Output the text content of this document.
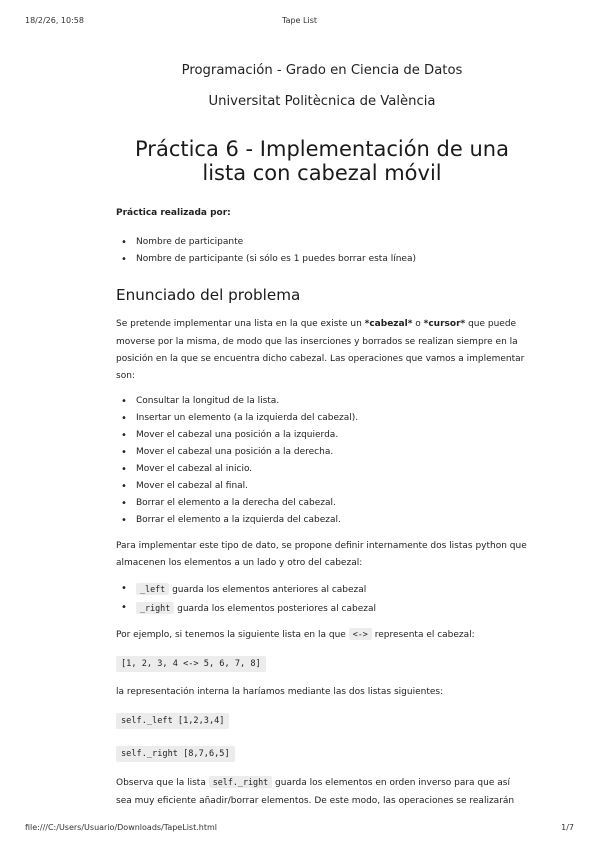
18/2/26, 10:58	Tape List

Programación - Grado en Ciencia de Datos

Universitat Politècnica de València

Práctica 6 - Implementación de una lista con cabezal móvil

Práctica realizada por:

• Nombre de participante
• Nombre de participante (si sólo es 1 puedes borrar esta línea)
Enunciado del problema

Se pretende implementar una lista en la que existe un *cabezal* o *cursor* que puede moverse por la misma, de modo que las inserciones y borrados se realizan siempre en la posición en la que se encuentra dicho cabezal. Las operaciones que vamos a implementar son:

• Consultar la longitud de la lista.
• Insertar un elemento (a la izquierda del cabezal).
• Mover el cabezal una posición a la izquierda.
• Mover el cabezal una posición a la derecha.
• Mover el cabezal al inicio.
• Mover el cabezal al final.
• Borrar el elemento a la derecha del cabezal.
• Borrar el elemento a la izquierda del cabezal.

Para implementar este tipo de dato, se propone definir internamente dos listas python que almacenen los elementos a un lado y otro del cabezal:

• _left guarda los elementos anteriores al cabezal
• _right guarda los elementos posteriores al cabezal

Por ejemplo, si tenemos la siguiente lista en la que <-> representa el cabezal:

[1, 2, 3, 4 <-> 5, 6, 7, 8]

la representación interna la haríamos mediante las dos listas siguientes:

self._left [1,2,3,4]
self._right [8,7,6,5]

Observa que la lista self._right guarda los elementos en orden inverso para que así sea muy eficiente añadir/borrar elementos. De este modo, las operaciones se realizarán

file:///C:/Users/Usuario/Downloads/TapeList.html	1/7
